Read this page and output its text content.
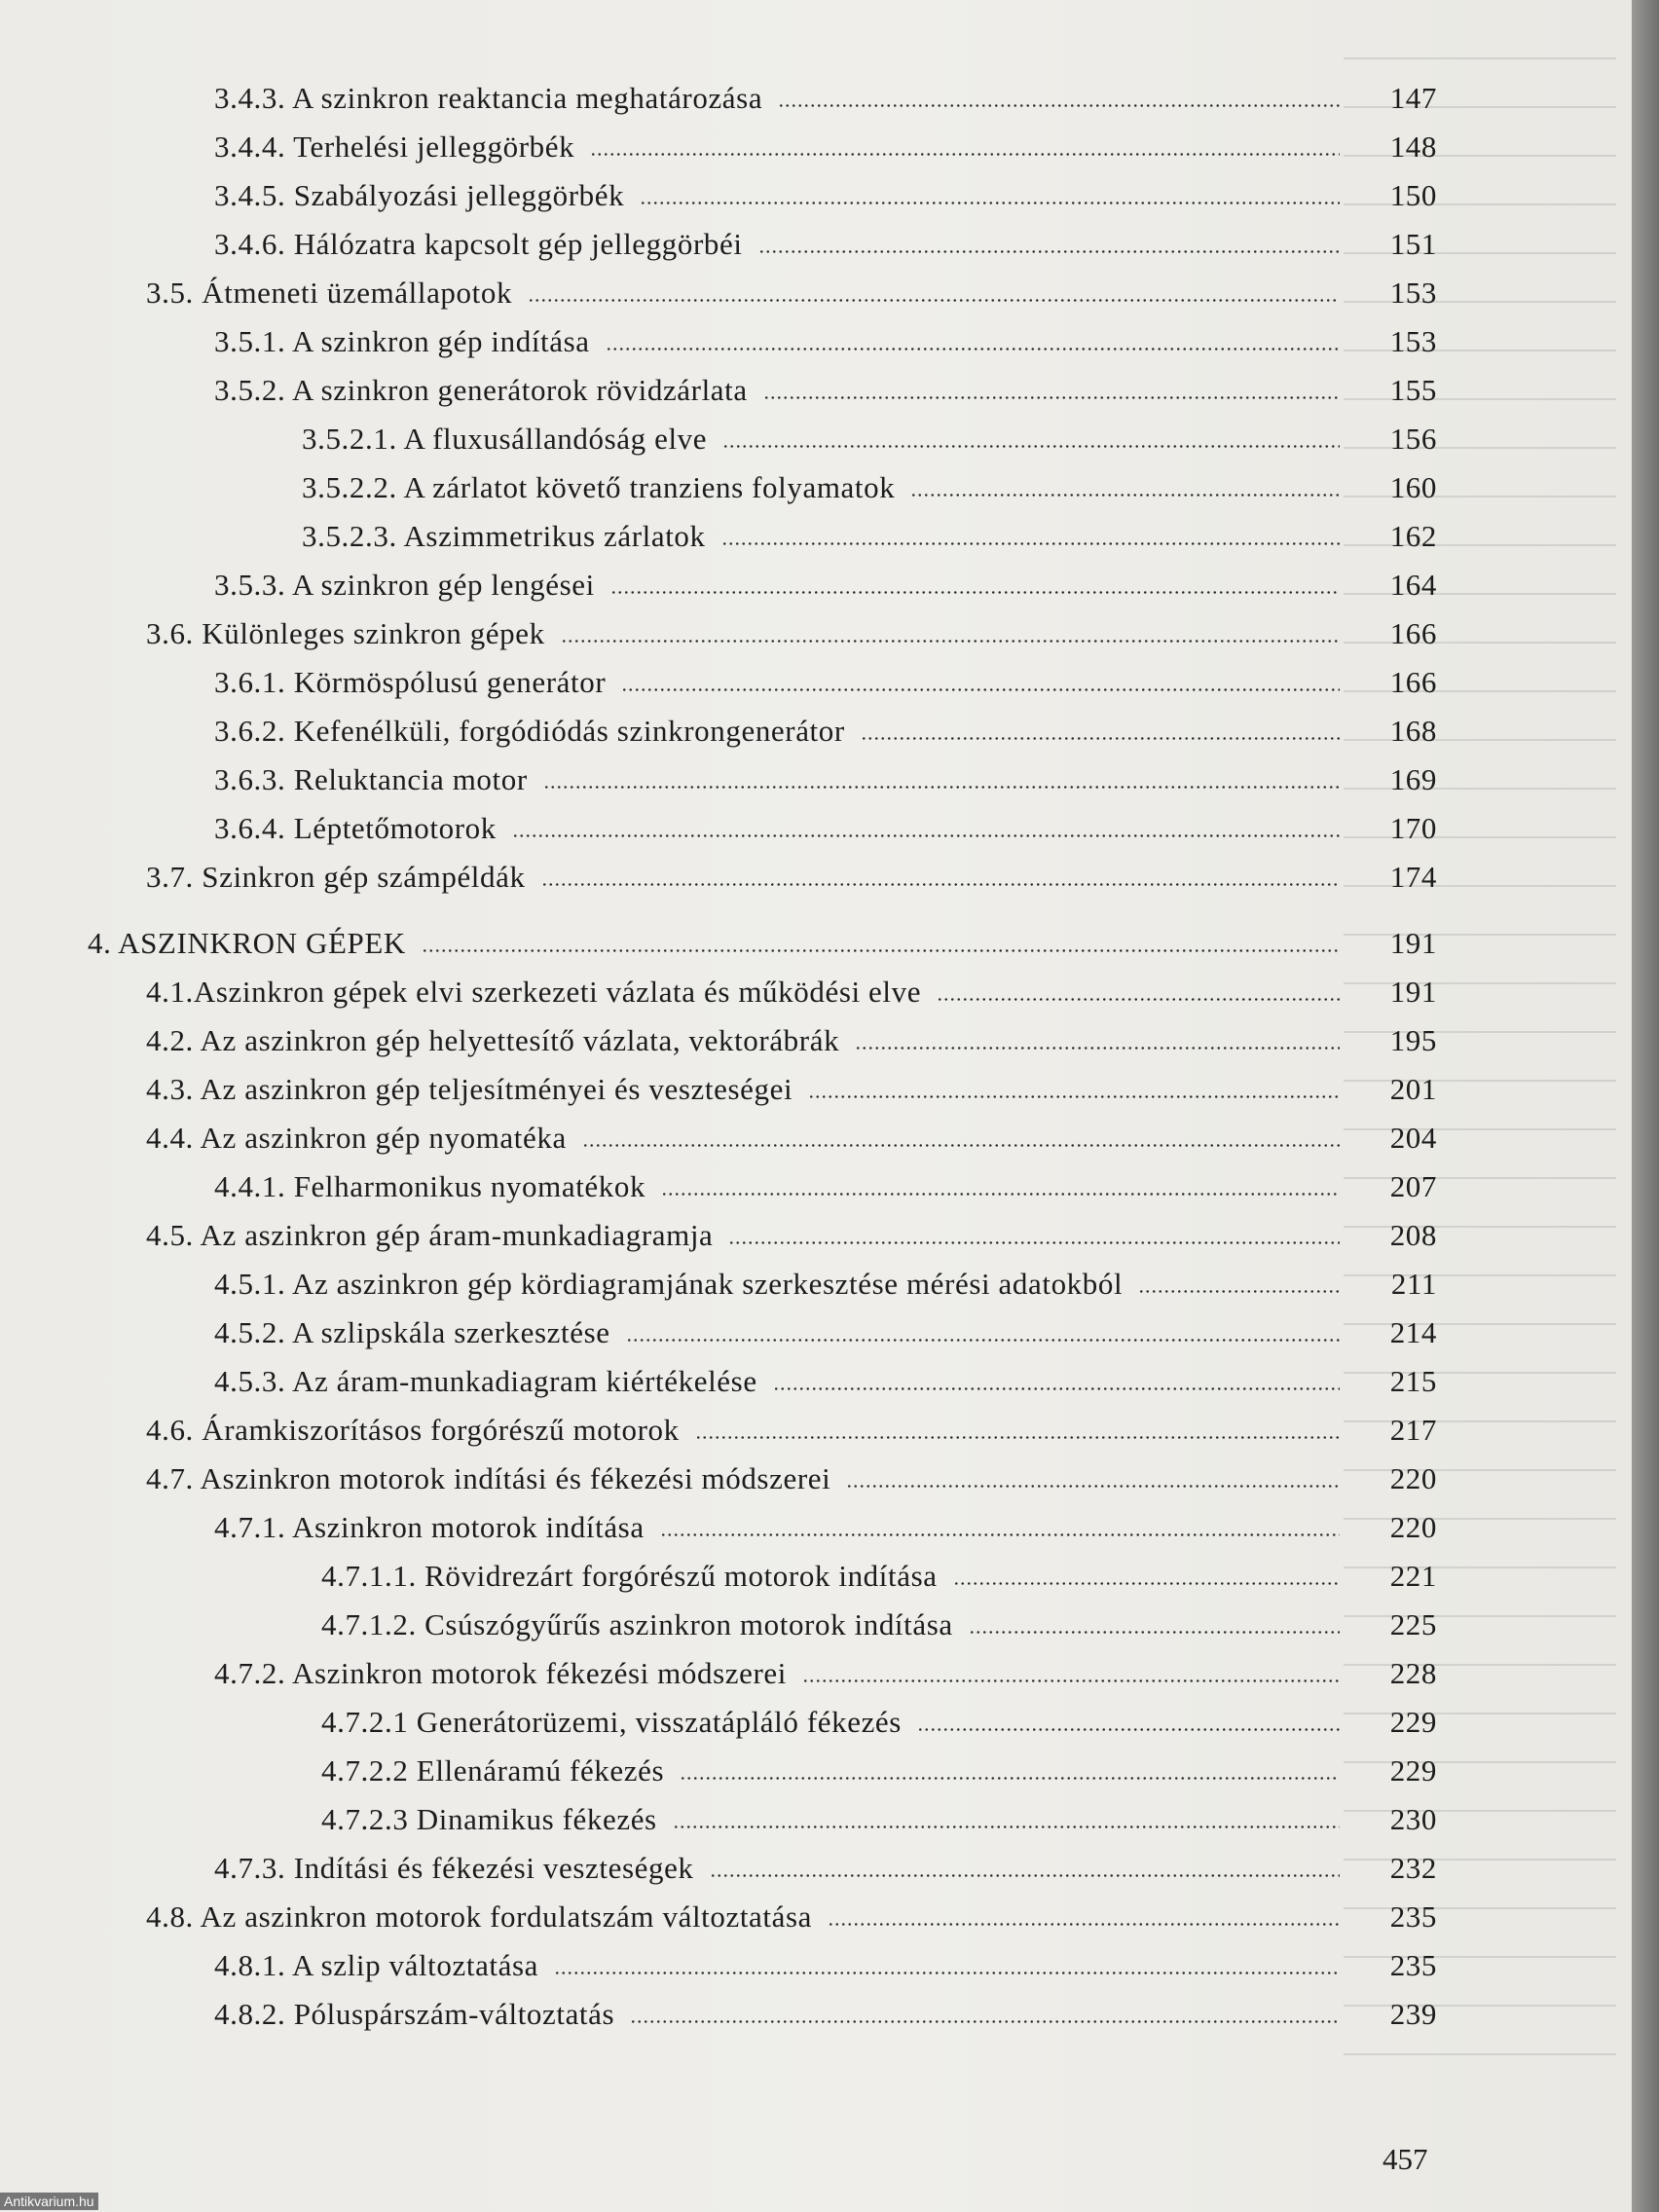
3.4.3. A szinkron reaktancia meghatározása	147
3.4.4. Terhelési jelleggörbék	148
3.4.5. Szabályozási jelleggörbék	150
3.4.6. Hálózatra kapcsolt gép jelleggörbéi	151
3.5. Átmeneti üzemállapotok	153
3.5.1. A szinkron gép indítása	153
3.5.2. A szinkron generátorok rövidzárlata	155
3.5.2.1. A fluxusállandóság elve	156
3.5.2.2. A zárlatot követő tranziens folyamatok	160
3.5.2.3. Aszimmetrikus zárlatok	162
3.5.3. A szinkron gép lengései	164
3.6. Különleges szinkron gépek	166
3.6.1. Körmöspólusú generátor	166
3.6.2. Kefenélküli, forgódiódás szinkrongenerátor	168
3.6.3. Reluktancia motor	169
3.6.4. Léptetőmotorok	170
3.7. Szinkron gép számpéldák	174
4. ASZINKRON GÉPEK	191
4.1.Aszinkron gépek elvi szerkezeti vázlata és működési elve	191
4.2. Az aszinkron gép helyettesítő vázlata, vektorábrák	195
4.3. Az aszinkron gép teljesítményei és veszteségei	201
4.4. Az aszinkron gép nyomatéka	204
4.4.1. Felharmonikus nyomatékok	207
4.5. Az aszinkron gép áram-munkadiagramja	208
4.5.1. Az aszinkron gép kördiagramjának szerkesztése mérési adatokból	211
4.5.2. A szlipskála szerkesztése	214
4.5.3. Az áram-munkadiagram kiértékelése	215
4.6. Áramkiszorításos forgórészű motorok	217
4.7. Aszinkron motorok indítási és fékezési módszerei	220
4.7.1. Aszinkron motorok indítása	220
4.7.1.1. Rövidrezárt forgórészű motorok indítása	221
4.7.1.2. Csúszógyűrűs aszinkron motorok indítása	225
4.7.2. Aszinkron motorok fékezési módszerei	228
4.7.2.1 Generátorüzemi, visszatápláló fékezés	229
4.7.2.2 Ellenáramú fékezés	229
4.7.2.3 Dinamikus fékezés	230
4.7.3. Indítási és fékezési veszteségek	232
4.8. Az aszinkron motorok fordulatszám változtatása	235
4.8.1. A szlip változtatása	235
4.8.2. Póluspárszám-változtatás	239
457
Antikvarium.hu
